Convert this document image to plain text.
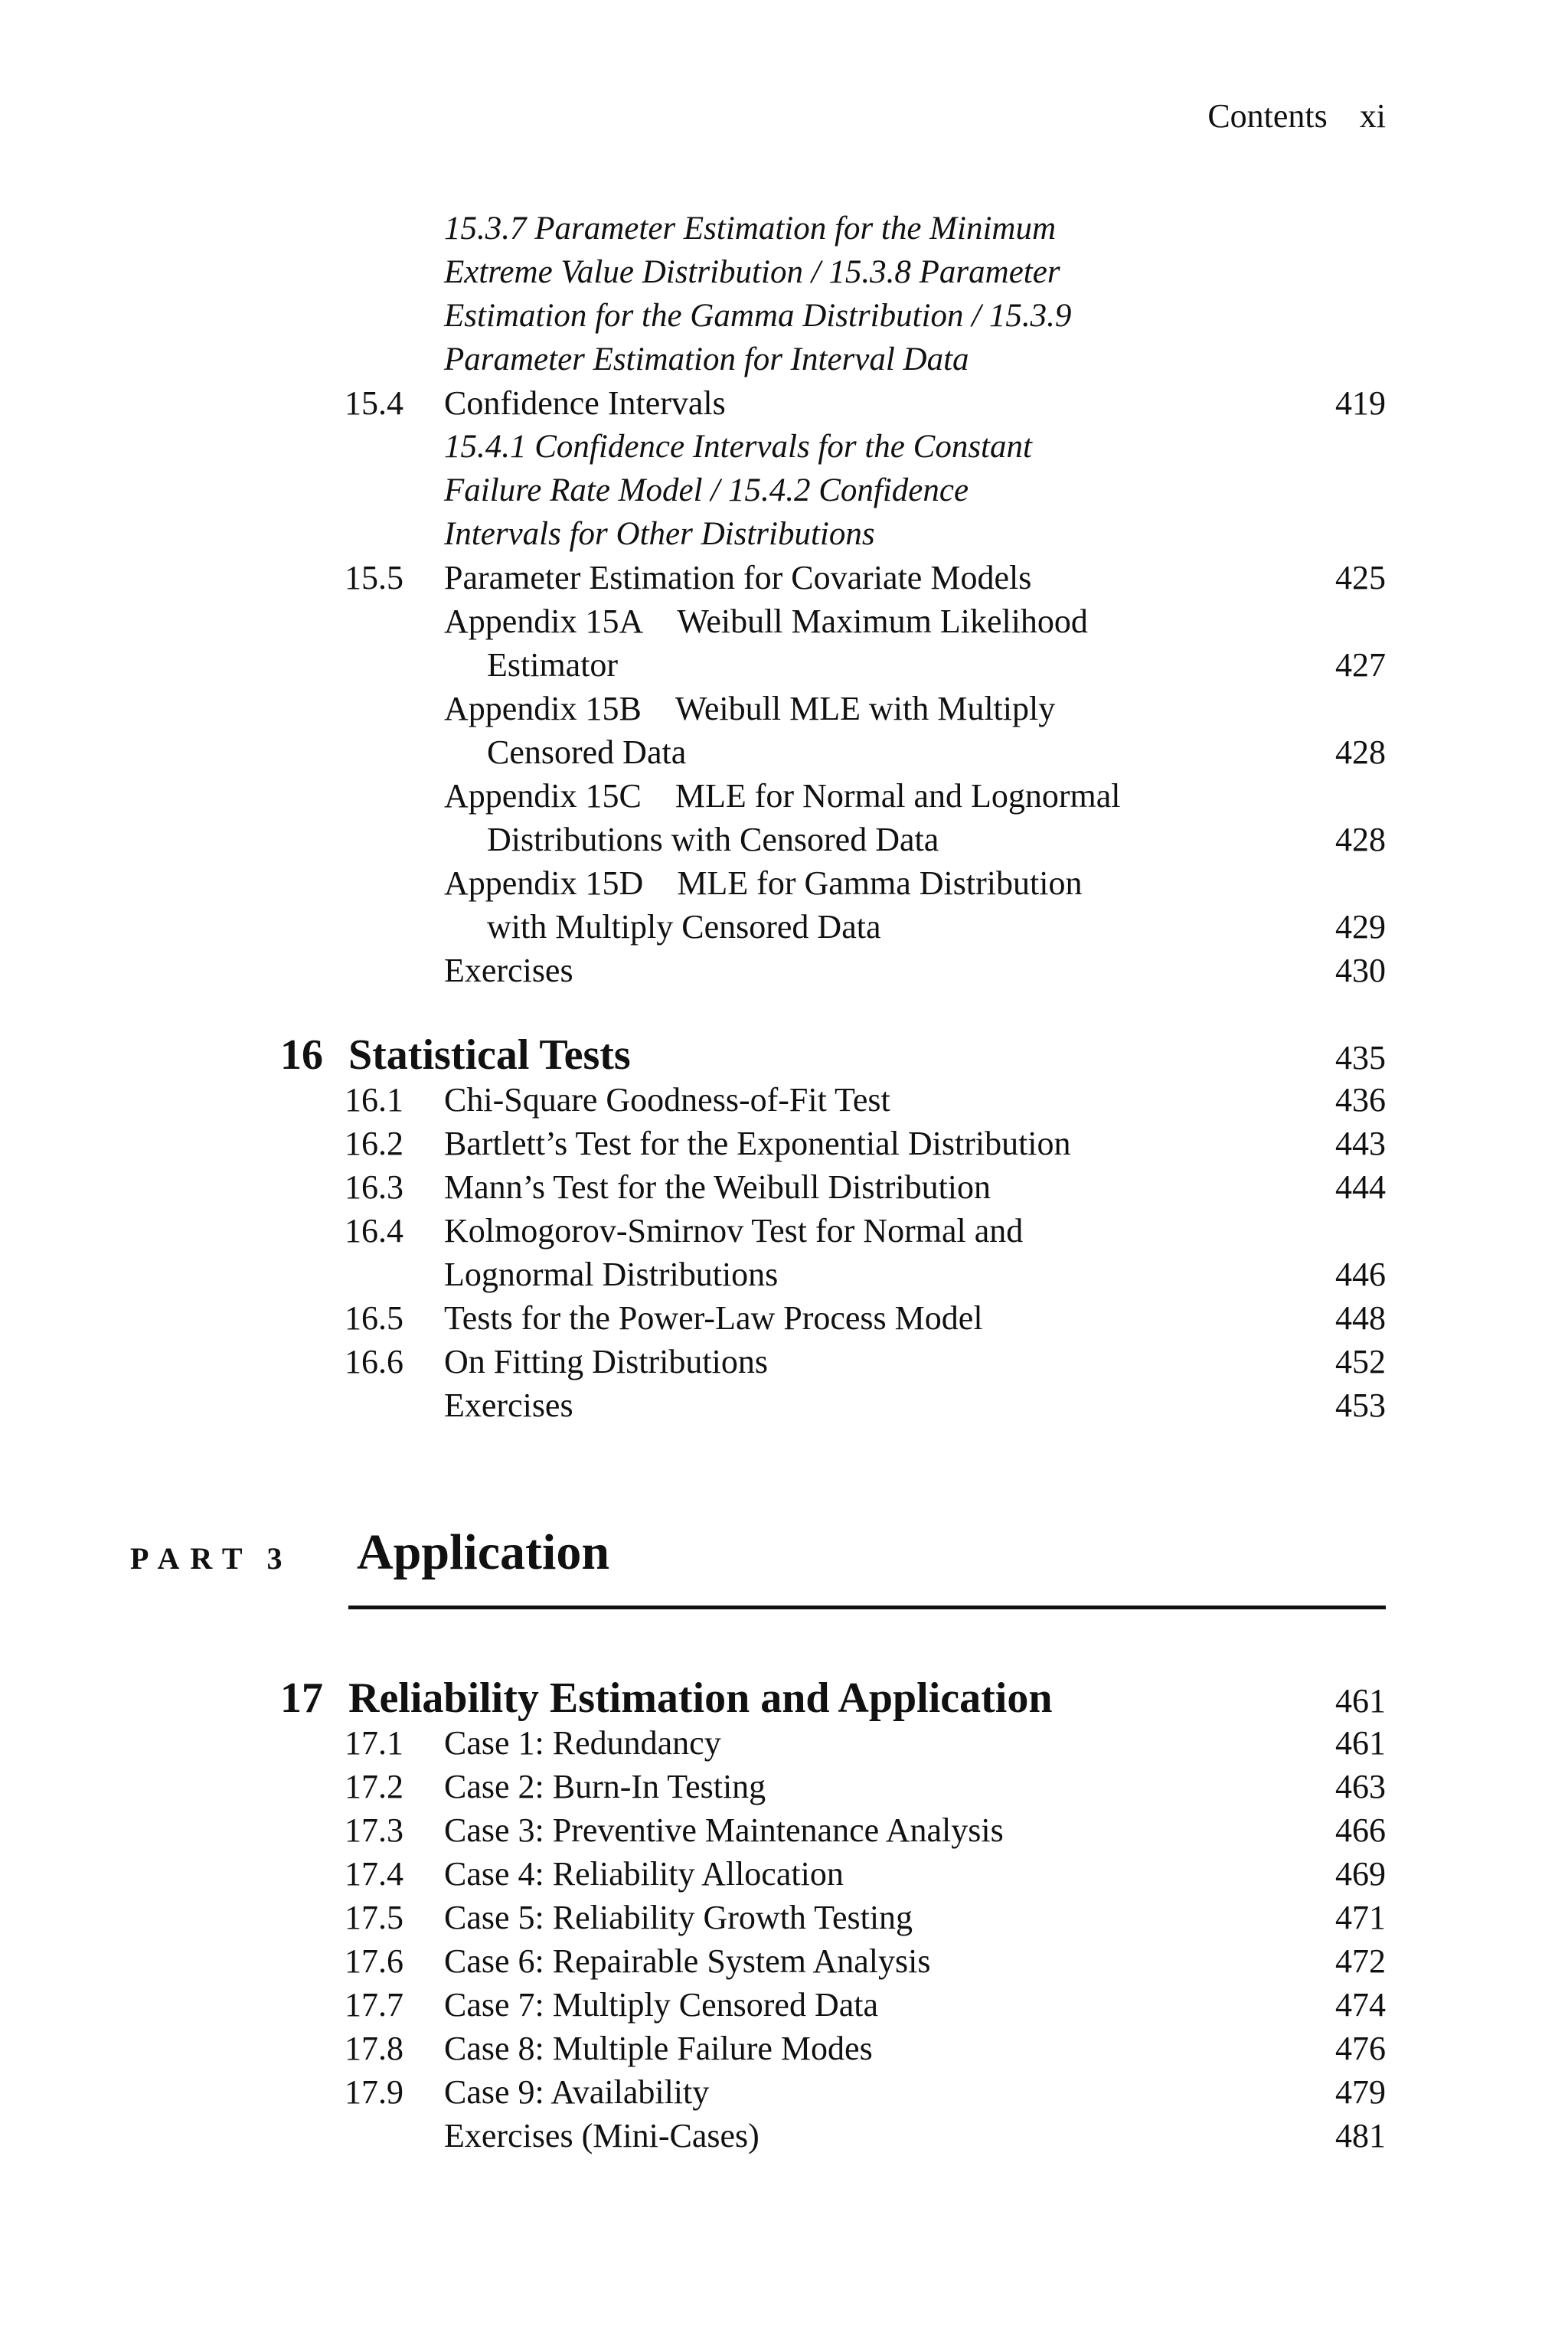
Contents xi
15.3.7 Parameter Estimation for the Minimum
Extreme Value Distribution / 15.3.8 Parameter
Estimation for the Gamma Distribution / 15.3.9
Parameter Estimation for Interval Data
15.4 Confidence Intervals	419
15.4.1 Confidence Intervals for the Constant
Failure Rate Model / 15.4.2 Confidence
Intervals for Other Distributions
15.5 Parameter Estimation for Covariate Models	425
Appendix 15A Weibull Maximum Likelihood
Estimator	427
Appendix 15B Weibull MLE with Multiply
Censored Data	428
Appendix 15C MLE for Normal and Lognormal
Distributions with Censored Data	428
Appendix 15D MLE for Gamma Distribution
with Multiply Censored Data	429
Exercises	430
16 Statistical Tests	435
16.1 Chi-Square Goodness-of-Fit Test	436
16.2 Bartlett’s Test for the Exponential Distribution	443
16.3 Mann’s Test for the Weibull Distribution	444
16.4 Kolmogorov-Smirnov Test for Normal and
Lognormal Distributions	446
16.5 Tests for the Power-Law Process Model	448
16.6 On Fitting Distributions	452
Exercises	453
PART 3 Application
17 Reliability Estimation and Application	461
17.1 Case 1: Redundancy	461
17.2 Case 2: Burn-In Testing	463
17.3 Case 3: Preventive Maintenance Analysis	466
17.4 Case 4: Reliability Allocation	469
17.5 Case 5: Reliability Growth Testing	471
17.6 Case 6: Repairable System Analysis	472
17.7 Case 7: Multiply Censored Data	474
17.8 Case 8: Multiple Failure Modes	476
17.9 Case 9: Availability	479
Exercises (Mini-Cases)	481
